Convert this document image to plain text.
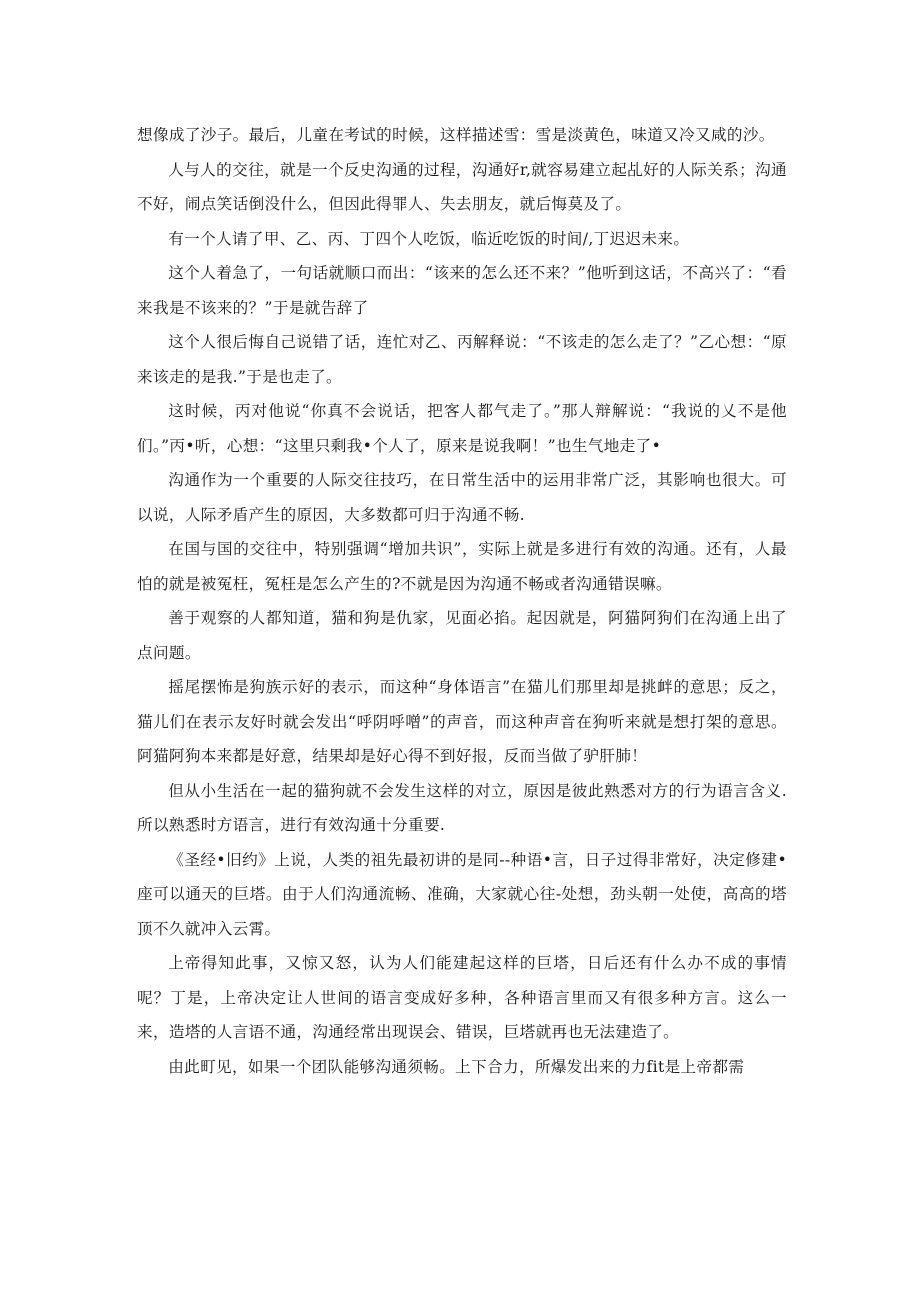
想像成了沙子。最后，儿童在考试的时候，这样描述雪：雪是淡黄色，味道又冷又咸的沙。

人与人的交往，就是一个反史沟通的过程，沟通好r,就容易建立起乩好的人际关系；沟通不好，闹点笑话倒没什么，但因此得罪人、失去朋友，就后悔莫及了。

有一个人请了甲、乙、丙、丁四个人吃饭，临近吃饭的时间/,丁迟迟未来。

这个人着急了，一句话就顺口而出：“该来的怎么还不来？”他听到这话，不高兴了：“看来我是不该来的？”于是就告辞了

这个人很后悔自己说错了话，连忙对乙、丙解释说：“不该走的怎么走了？”乙心想：“原来该走的是我.”于是也走了。

这时候，丙对他说“你真不会说话，把客人都气走了。”那人辩解说：“我说的乂不是他们。”丙•听，心想：“这里只剩我•个人了，原来是说我啊！”也生气地走了•

沟通作为一个重要的人际交往技巧，在日常生活中的运用非常广泛，其影响也很大。可以说，人际矛盾产生的原因，大多数都可归于沟通不畅.

在国与国的交往中，特别强调“增加共识”，实际上就是多进行有效的沟通。还有，人最怕的就是被冤枉，冤枉是怎么产生的?不就是因为沟通不畅或者沟通错误嘛。

善于观察的人都知道，猫和狗是仇家，见面必掐。起因就是，阿猫阿狗们在沟通上出了点问题。

摇尾摆怖是狗族示好的表示，而这种“身体语言”在猫儿们那里却是挑衅的意思；反之，猫儿们在表示友好时就会发出“呼阴呼噌”的声音，而这种声音在狗听来就是想打架的意思。阿猫阿狗本来都是好意，结果却是好心得不到好报，反而当做了驴肝肺！

但从小生活在一起的猫狗就不会发生这样的对立，原因是彼此熟悉对方的行为语言含义.所以熟悉时方语言，进行有效沟通十分重要.

《圣经•旧约》上说，人类的祖先最初讲的是同--种语•言，日子过得非常好，决定修建•座可以通天的巨塔。由于人们沟通流畅、准确，大家就心往-处想，劲头朝一处使，高高的塔顶不久就冲入云霄。

上帝得知此事，又惊又怒，认为人们能建起这样的巨塔，日后还有什么办不成的事情呢？丁是，上帝决定让人世间的语言变成好多种，各种语言里而又有很多种方言。这么一来，造塔的人言语不通，沟通经常出现误会、错误，巨塔就再也无法建造了。

由此町见，如果一个团队能够沟通须畅。上下合力，所爆发出来的力fit是上帝都需
